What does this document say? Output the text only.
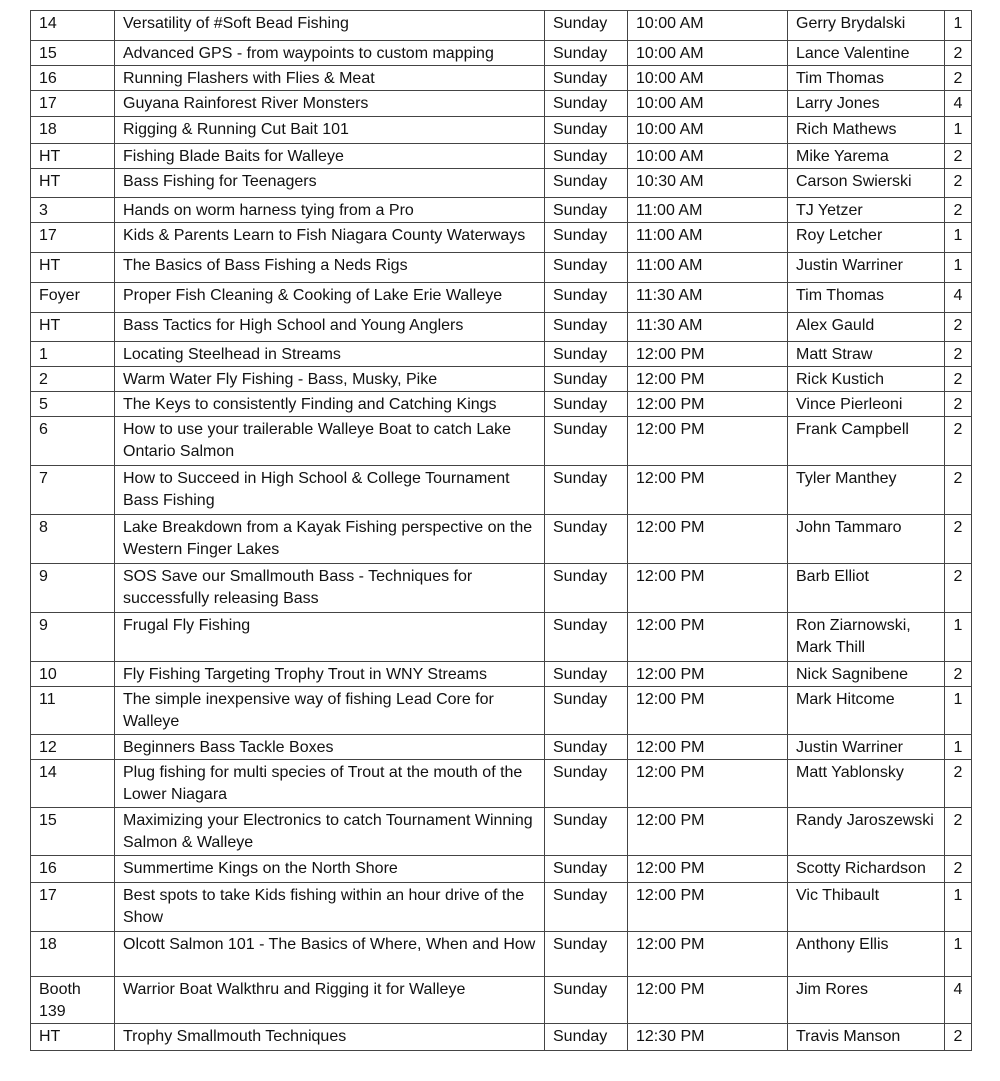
14	Versatility of #Soft Bead Fishing	Sunday	10:00 AM	Gerry Brydalski	1
15	Advanced GPS - from waypoints to custom mapping	Sunday	10:00 AM	Lance Valentine	2
16	Running Flashers with Flies & Meat	Sunday	10:00 AM	Tim Thomas	2
17	Guyana Rainforest River Monsters	Sunday	10:00 AM	Larry Jones	4
18	Rigging & Running Cut Bait 101	Sunday	10:00 AM	Rich Mathews	1
HT	Fishing Blade Baits for Walleye	Sunday	10:00 AM	Mike Yarema	2
HT	Bass Fishing for Teenagers	Sunday	10:30 AM	Carson Swierski	2
3	Hands on worm harness tying from a Pro	Sunday	11:00 AM	TJ Yetzer	2
17	Kids & Parents Learn to Fish Niagara County Waterways	Sunday	11:00 AM	Roy Letcher	1
HT	The Basics of Bass Fishing a Neds Rigs	Sunday	11:00 AM	Justin Warriner	1
Foyer	Proper Fish Cleaning & Cooking of Lake Erie Walleye	Sunday	11:30 AM	Tim Thomas	4
HT	Bass Tactics for High School and Young Anglers	Sunday	11:30 AM	Alex Gauld	2
1	Locating Steelhead in Streams	Sunday	12:00 PM	Matt Straw	2
2	Warm Water Fly Fishing - Bass, Musky, Pike	Sunday	12:00 PM	Rick Kustich	2
5	The Keys to consistently Finding and Catching Kings	Sunday	12:00 PM	Vince Pierleoni	2
6	How to use your trailerable Walleye Boat to catch Lake Ontario Salmon	Sunday	12:00 PM	Frank Campbell	2
7	How to Succeed in High School & College Tournament Bass Fishing	Sunday	12:00 PM	Tyler Manthey	2
8	Lake Breakdown from a Kayak Fishing perspective on the Western Finger Lakes	Sunday	12:00 PM	John Tammaro	2
9	SOS Save our Smallmouth Bass - Techniques for successfully releasing Bass	Sunday	12:00 PM	Barb Elliot	2
9	Frugal Fly Fishing	Sunday	12:00 PM	Ron Ziarnowski, Mark Thill	1
10	Fly Fishing Targeting Trophy Trout in WNY Streams	Sunday	12:00 PM	Nick Sagnibene	2
11	The simple inexpensive way of fishing Lead Core for Walleye	Sunday	12:00 PM	Mark Hitcome	1
12	Beginners Bass Tackle Boxes	Sunday	12:00 PM	Justin Warriner	1
14	Plug fishing for multi species of Trout at the mouth of the Lower Niagara	Sunday	12:00 PM	Matt Yablonsky	2
15	Maximizing your Electronics to catch Tournament Winning Salmon & Walleye	Sunday	12:00 PM	Randy Jaroszewski	2
16	Summertime Kings on the North Shore	Sunday	12:00 PM	Scotty Richardson	2
17	Best spots to take Kids fishing within an hour drive of the Show	Sunday	12:00 PM	Vic Thibault	1
18	Olcott Salmon 101 - The Basics of Where, When and How	Sunday	12:00 PM	Anthony Ellis	1
Booth 139	Warrior Boat Walkthru and Rigging it for Walleye	Sunday	12:00 PM	Jim Rores	4
HT	Trophy Smallmouth Techniques	Sunday	12:30 PM	Travis Manson	2
